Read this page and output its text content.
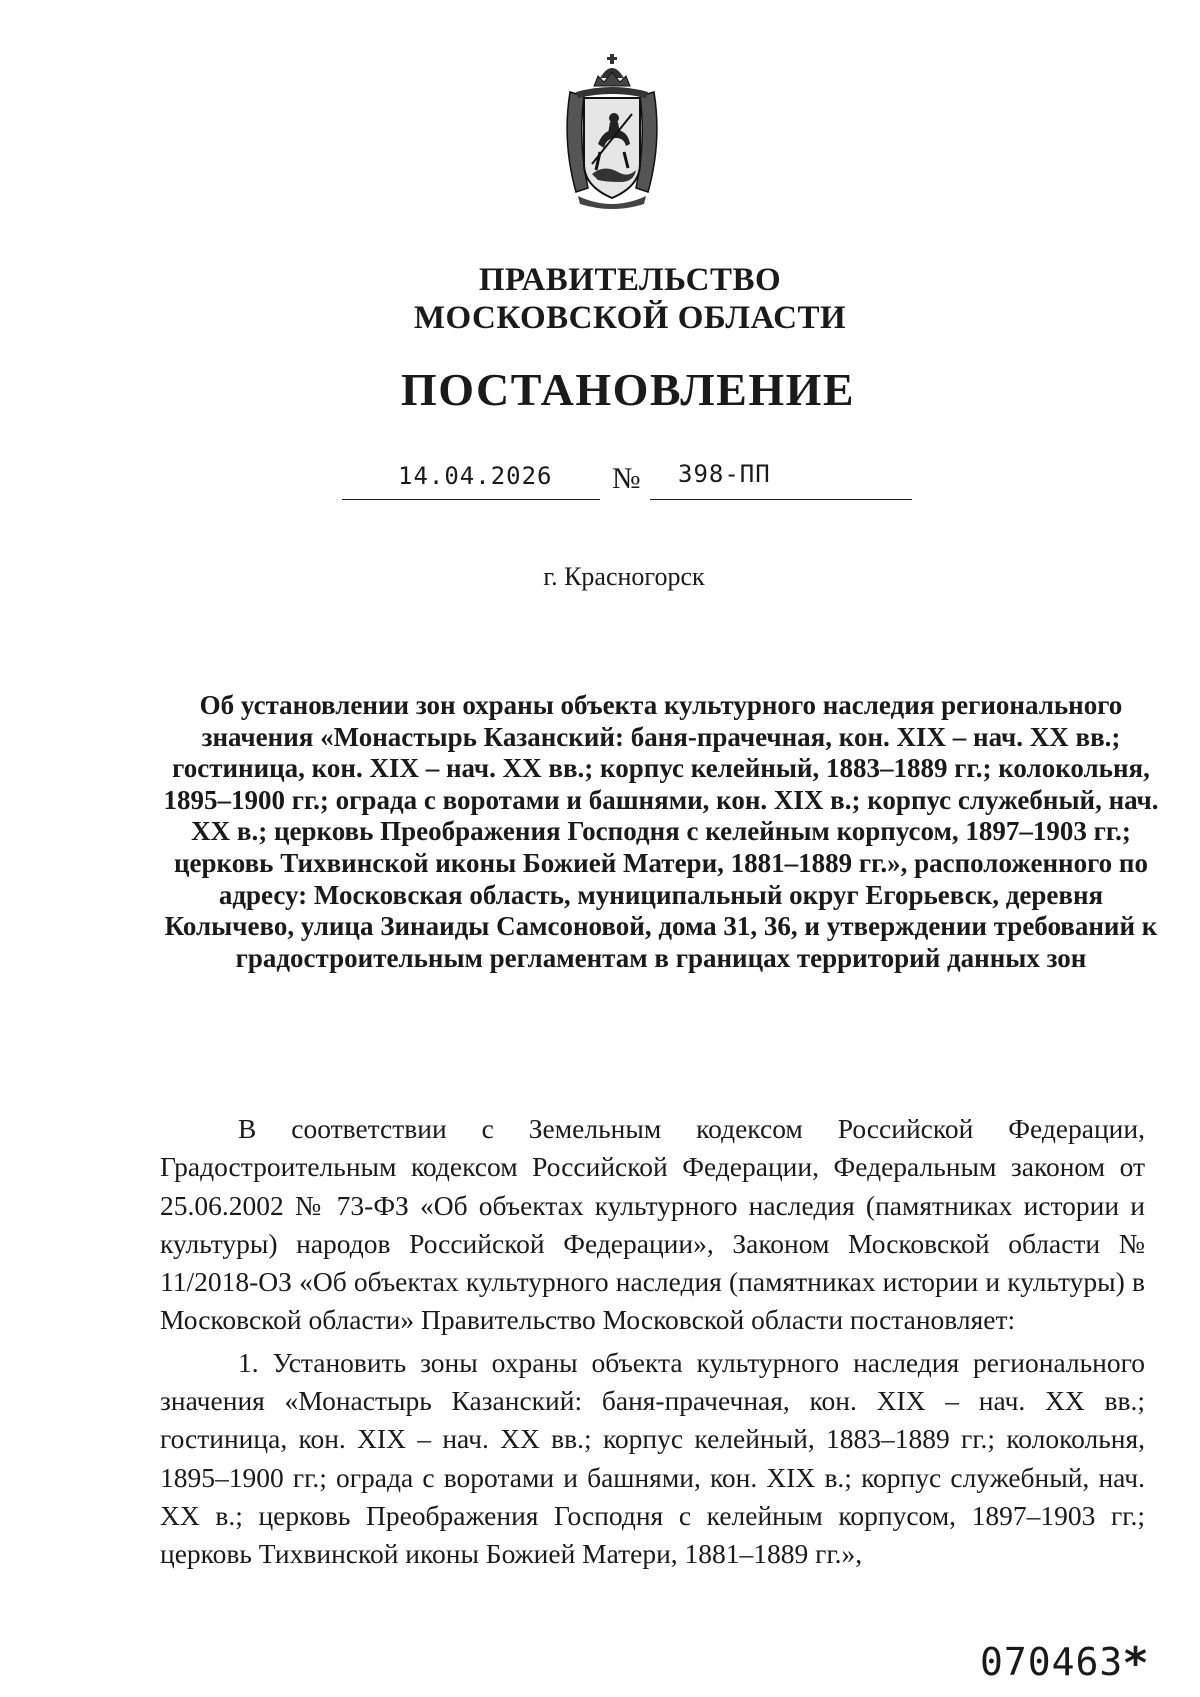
ПРАВИТЕЛЬСТВО
МОСКОВСКОЙ ОБЛАСТИ
ПОСТАНОВЛЕНИЕ
14.04.2026 № 398-ПП
г. Красногорск
Об установлении зон охраны объекта культурного наследия регионального значения «Монастырь Казанский: баня-прачечная, кон. XIX – нач. XX вв.; гостиница, кон. XIX – нач. XX вв.; корпус келейный, 1883–1889 гг.; колокольня, 1895–1900 гг.; ограда с воротами и башнями, кон. XIX в.; корпус служебный, нач. XX в.; церковь Преображения Господня с келейным корпусом, 1897–1903 гг.; церковь Тихвинской иконы Божией Матери, 1881–1889 гг.», расположенного по адресу: Московская область, муниципальный округ Егорьевск, деревня Колычево, улица Зинаиды Самсоновой, дома 31, 36, и утверждении требований к градостроительным регламентам в границах территорий данных зон

В соответствии с Земельным кодексом Российской Федерации, Градостроительным кодексом Российской Федерации, Федеральным законом от 25.06.2002 № 73-ФЗ «Об объектах культурного наследия (памятниках истории и культуры) народов Российской Федерации», Законом Московской области № 11/2018-ОЗ «Об объектах культурного наследия (памятниках истории и культуры) в Московской области» Правительство Московской области постановляет:

1. Установить зоны охраны объекта культурного наследия регионального значения «Монастырь Казанский: баня-прачечная, кон. XIX – нач. XX вв.; гостиница, кон. XIX – нач. XX вв.; корпус келейный, 1883–1889 гг.; колокольня, 1895–1900 гг.; ограда с воротами и башнями, кон. XIX в.; корпус служебный, нач. XX в.; церковь Преображения Господня с келейным корпусом, 1897–1903 гг.; церковь Тихвинской иконы Божией Матери, 1881–1889 гг.»,

070463 *
